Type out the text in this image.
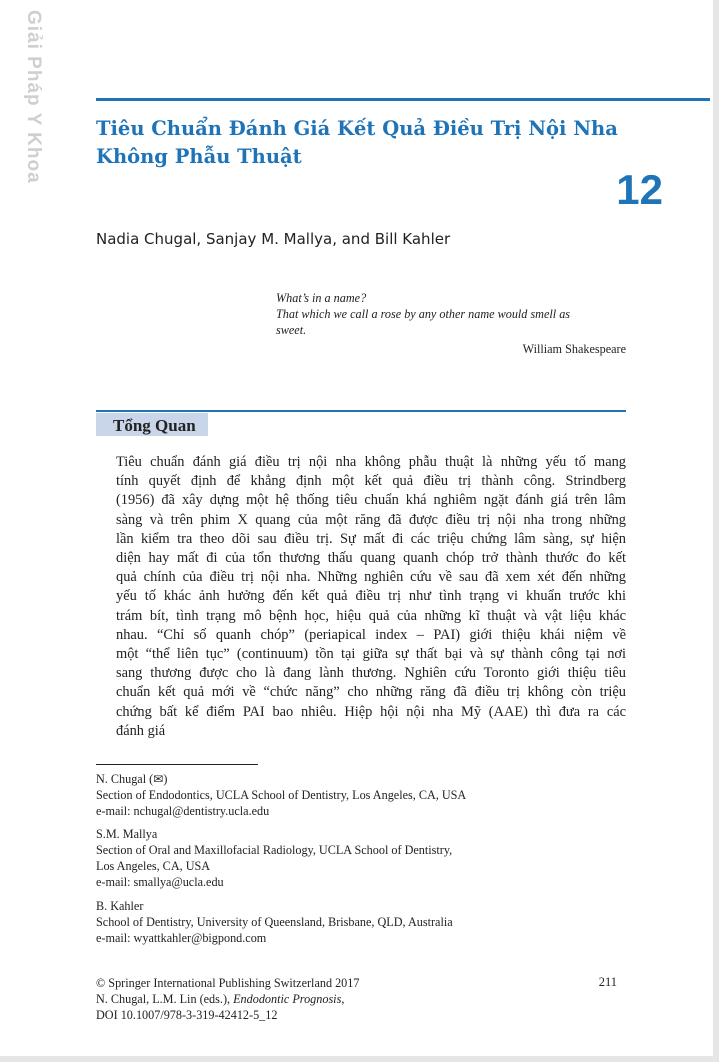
Giải Pháp Y Khoa	Tiêu Chuẩn Đánh Giá Kết Quả Điều Trị Nội Nha
Không Phẫu Thuật
12
Nadia Chugal, Sanjay M. Mallya, and Bill Kahler
What’s in a name?
That which we call a rose by any other name would smell as
sweet.
William Shakespeare
Tổng Quan
Tiêu chuẩn đánh giá điều trị nội nha không phẫu thuật là những yếu tố mang
tính quyết định để khẳng định một kết quả điều trị thành công. Strindberg
(1956) đã xây dựng một hệ thống tiêu chuẩn khá nghiêm ngặt đánh giá trên lâm
sàng và trên phim X quang của một răng đã được điều trị nội nha trong những
lần kiểm tra theo dõi sau điều trị. Sự mất đi các triệu chứng lâm sàng, sự hiện
diện hay mất đi của tổn thương thấu quang quanh chóp trở thành thước đo kết
quả chính của điều trị nội nha. Những nghiên cứu về sau đã xem xét đến những
yếu tố khác ảnh hưởng đến kết quả điều trị như tình trạng vi khuẩn trước khi
trám bít, tình trạng mô bệnh học, hiệu quả của những kĩ thuật và vật liệu khác
nhau. “Chỉ số quanh chóp” (periapical index – PAI) giới thiệu khái niệm về
một “thể liên tục” (continuum) tồn tại giữa sự thất bại và sự thành công tại nơi
sang thương được cho là đang lành thương. Nghiên cứu Toronto giới thiệu tiêu
chuẩn kết quả mới về “chức năng” cho những răng đã điều trị không còn triệu
chứng bất kể điểm PAI bao nhiêu. Hiệp hội nội nha Mỹ (AAE) thì đưa ra các
đánh giá
N. Chugal (✉)
Section of Endodontics, UCLA School of Dentistry, Los Angeles, CA, USA
e-mail: nchugal@dentistry.ucla.edu
S.M. Mallya
Section of Oral and Maxillofacial Radiology, UCLA School of Dentistry,
Los Angeles, CA, USA
e-mail: smallya@ucla.edu
B. Kahler
School of Dentistry, University of Queensland, Brisbane, QLD, Australia
e-mail: wyattkahler@bigpond.com
© Springer International Publishing Switzerland 2017
N. Chugal, L.M. Lin (eds.), Endodontic Prognosis,
DOI 10.1007/978-3-319-42412-5_12
211
